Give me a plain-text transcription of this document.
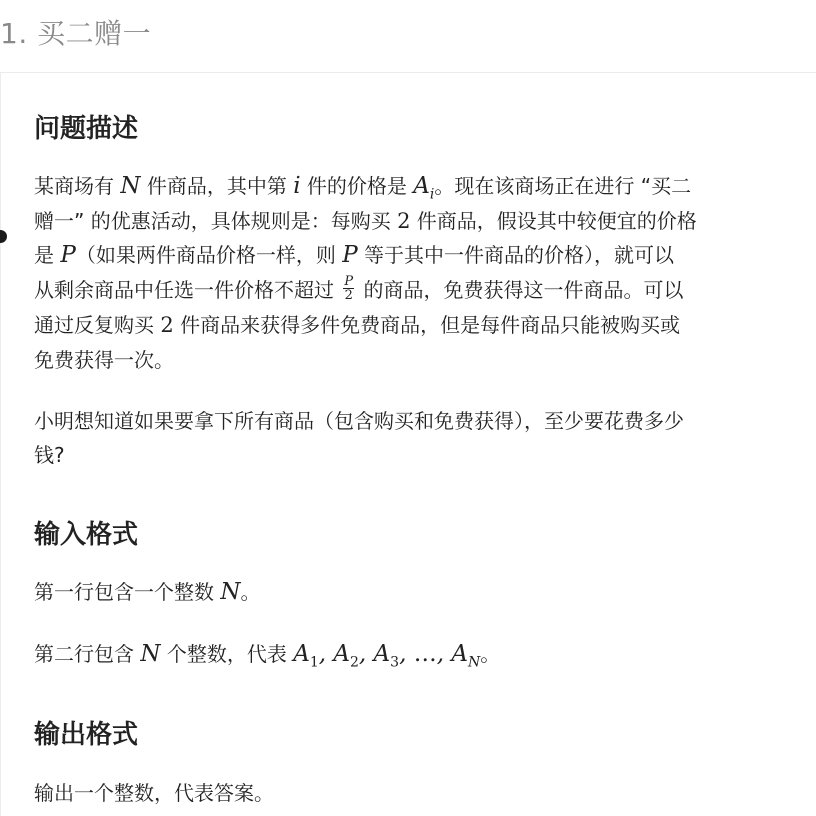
1. 买二赠一
问题描述
某商场有 N 件商品，其中第 i 件的价格是 $A_i$。现在该商场正在进行 “买二
赠一” 的优惠活动，具体规则是：每购买 2 件商品，假设其中较便宜的价格
是 P（如果两件商品价格一样，则 P 等于其中一件商品的价格），就可以
从剩余商品中任选一件价格不超过 $\frac{P}{2}$ 的商品，免费获得这一件商品。可以
通过反复购买 2 件商品来获得多件免费商品，但是每件商品只能被购买或
免费获得一次。
小明想知道如果要拿下所有商品（包含购买和免费获得），至少要花费多少
钱?
输入格式
第一行包含一个整数 N。
第二行包含 N 个整数，代表 $A_1$, $A_2$, $A_3$, …, $A_N$。
输出格式
输出一个整数，代表答案。
